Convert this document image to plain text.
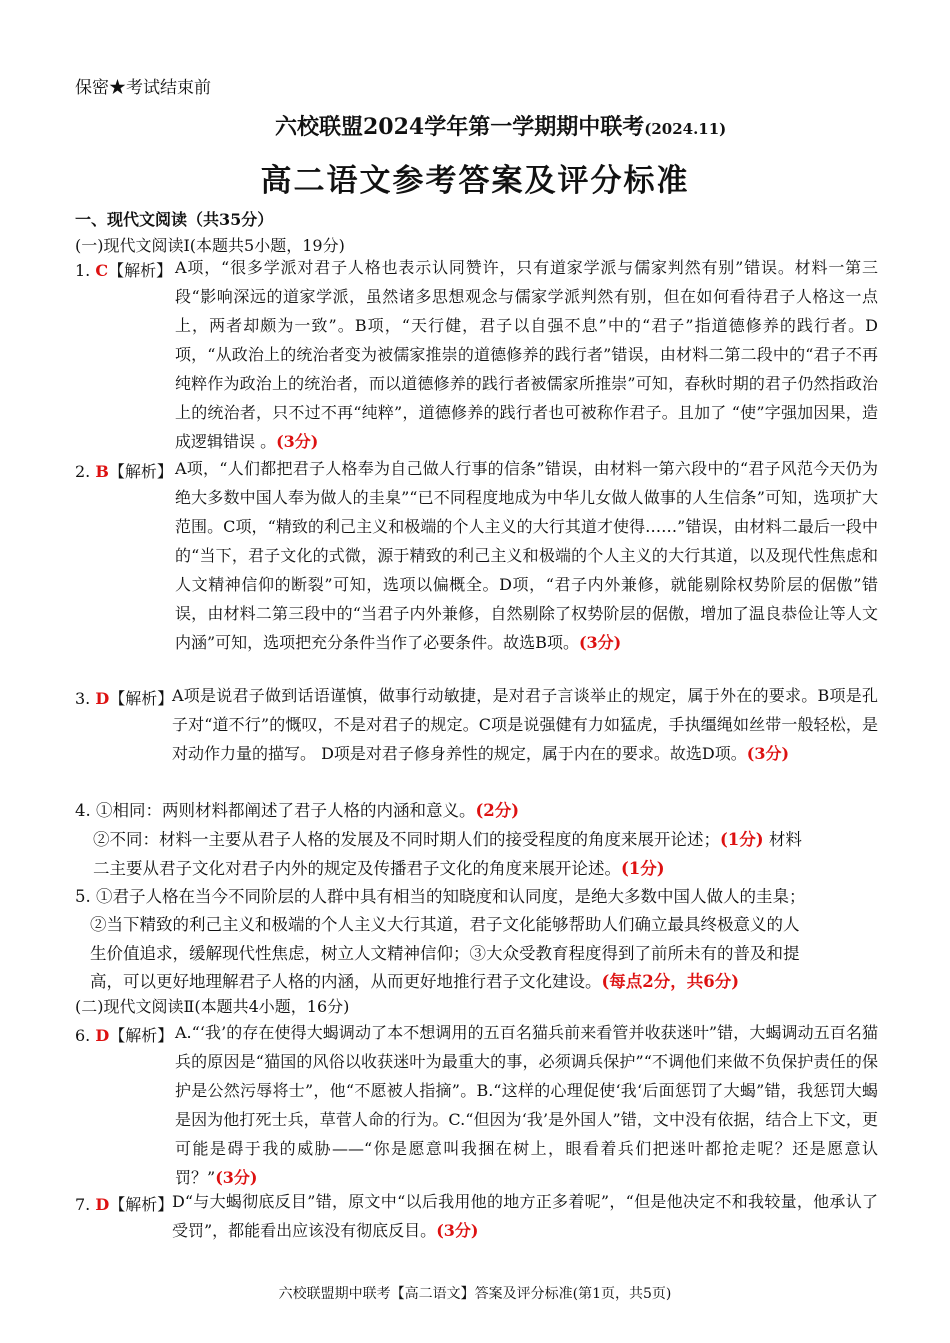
保密★考试结束前
六校联盟2024学年第一学期期中联考(2024.11)
高二语文参考答案及评分标准
一、现代文阅读（共35分）
(一)现代文阅读Ⅰ(本题共5小题，19分)
1. C【解析】 A项，“很多学派对君子人格也表示认同赞许，只有道家学派与儒家判然有别”错误。材料一第三段“影响深远的道家学派，虽然诸多思想观念与儒家学派判然有别，但在如何看待君子人格这一点上，两者却颇为一致”。B项，“天行健，君子以自强不息”中的“君子”指道德修养的践行者。D项，“从政治上的统治者变为被儒家推崇的道德修养的践行者”错误，由材料二第二段中的“君子不再纯粹作为政治上的统治者，而以道德修养的践行者被儒家所推崇”可知，春秋时期的君子仍然指政治上的统治者，只不过不再“纯粹”，道德修养的践行者也可被称作君子。且加了 “使”字强加因果，造成逻辑错误 。(3分)
2. B【解析】 A项，“人们都把君子人格奉为自己做人行事的信条”错误，由材料一第六段中的“君子风范今天仍为绝大多数中国人奉为做人的圭臬”“已不同程度地成为中华儿女做人做事的人生信条”可知，选项扩大范围。C项，“精致的利己主义和极端的个人主义的大行其道才使得……”错误，由材料二最后一段中的“当下，君子文化的式微，源于精致的利己主义和极端的个人主义的大行其道，以及现代性焦虑和人文精神信仰的断裂”可知，选项以偏概全。D项，“君子内外兼修，就能剔除权势阶层的倨傲”错误，由材料二第三段中的“当君子内外兼修，自然剔除了权势阶层的倨傲，增加了温良恭俭让等人文内涵”可知，选项把充分条件当作了必要条件。故选B项。(3分)
3. D【解析】
A项是说君子做到话语谨慎，做事行动敏捷，是对君子言谈举止的规定，属于外在的要求。B项是孔子对“道不行”的慨叹，不是对君子的规定。C项是说强健有力如猛虎，手执缰绳如丝带一般轻松，是对动作力量的描写。 D项是对君子修身养性的规定，属于内在的要求。故选D项。(3分)
4. ①相同：两则材料都阐述了君子人格的内涵和意义。(2分)
②不同：材料一主要从君子人格的发展及不同时期人们的接受程度的角度来展开论述；(1分) 材料
二主要从君子文化对君子内外的规定及传播君子文化的角度来展开论述。(1分)
5. ①君子人格在当今不同阶层的人群中具有相当的知晓度和认同度，是绝大多数中国人做人的圭臬；
②当下精致的利己主义和极端的个人主义大行其道，君子文化能够帮助人们确立最具终极意义的人
生价值追求，缓解现代性焦虑，树立人文精神信仰；③大众受教育程度得到了前所未有的普及和提
高，可以更好地理解君子人格的内涵，从而更好地推行君子文化建设。(每点2分，共6分)
(二)现代文阅读Ⅱ(本题共4小题，16分)
6. D【解析】 A.“‘我’的存在使得大蝎调动了本不想调用的五百名猫兵前来看管并收获迷叶”错，大蝎调动五百名猫兵的原因是“猫国的风俗以收获迷叶为最重大的事，必须调兵保护”“不调他们来做不负保护责任的保护是公然污辱将士”，他“不愿被人指摘”。B.“这样的心理促使‘我‘后面惩罚了大蝎”错，我惩罚大蝎是因为他打死士兵，草菅人命的行为。C.“但因为‘我’是外国人”错，文中没有依据，结合上下文，更可能是碍于我的威胁——“你是愿意叫我捆在树上，眼看着兵们把迷叶都抢走呢？还是愿意认罚？”(3分)
7. D【解析】
D“与大蝎彻底反目”错，原文中“以后我用他的地方正多着呢”，“但是他决定不和我较量，他承认了受罚”，都能看出应该没有彻底反目。(3分)
六校联盟期中联考【高二语文】答案及评分标准(第1页，共5页)
